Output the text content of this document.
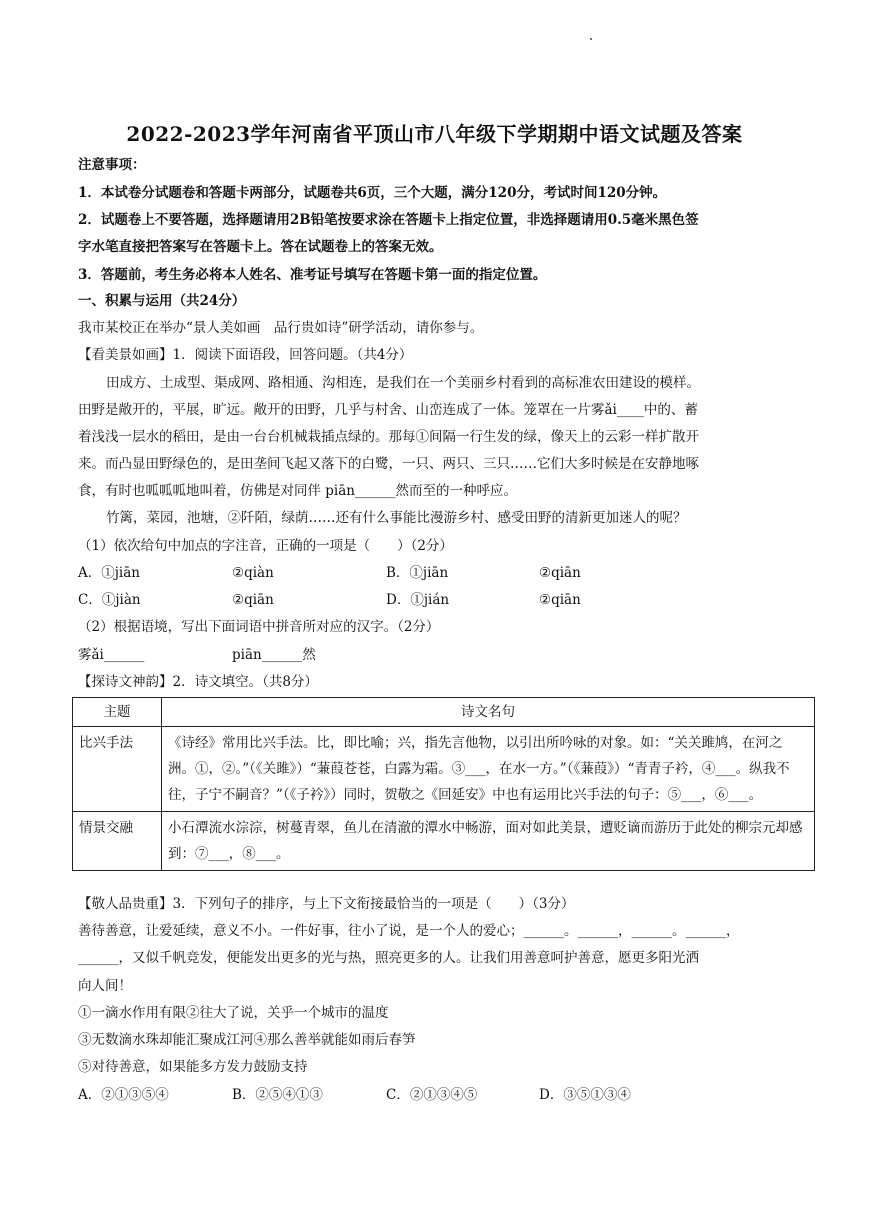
2022-2023学年河南省平顶山市八年级下学期期中语文试题及答案
注意事项：
1．本试卷分试题卷和答题卡两部分，试题卷共6页，三个大题，满分120分，考试时间120分钟。
2．试题卷上不要答题，选择题请用2B铅笔按要求涂在答题卡上指定位置，非选择题请用0.5毫米黑色签
字水笔直接把答案写在答题卡上。答在试题卷上的答案无效。
3．答题前，考生务必将本人姓名、准考证号填写在答题卡第一面的指定位置。
一、积累与运用（共24分）
我市某校正在举办“景人美如画　品行贵如诗”研学活动，请你参与。
【看美景如画】1．阅读下面语段，回答问题。（共4分）
田成方、土成型、渠成网、路相通、沟相连，是我们在一个美丽乡村看到的高标准农田建设的模样。
田野是敞开的，平展，旷远。敞开的田野，几乎与村舍、山峦连成了一体。笼罩在一片雾ǎi____中的、蓄
着浅浅一层水的稻田，是由一台台机械栽插点绿的。那每①间隔一行生发的绿，像天上的云彩一样扩散开
来。而凸显田野绿色的，是田垄间飞起又落下的白鹭，一只、两只、三只……它们大多时候是在安静地啄
食，有时也呱呱呱地叫着，仿佛是对同伴 piān______然而至的一种呼应。
竹篱，菜园，池塘，②阡陌，绿荫……还有什么事能比漫游乡村、感受田野的清新更加迷人的呢？
（1）依次给句中加点的字注音，正确的一项是（　　）（2分）
A．①jiān	②qiàn	B．①jiān	②qiān
C．①jiàn	②qiān	D．①jián	②qiān
（2）根据语境，写出下面词语中拼音所对应的汉字。（2分）
雾ǎi______	piān______然
【探诗文神韵】2．诗文填空。（共8分）
主题	诗文名句
比兴手法	《诗经》常用比兴手法。比，即比喻；兴，指先言他物，以引出所吟咏的对象。如：“关关雎鸠，在河之洲。①，②。”（《关雎》）“蒹葭苍苍，白露为霜。③___，在水一方。”（《蒹葭》）“青青子衿，④___。纵我不往，子宁不嗣音？”（《子衿》）同时，贺敬之《回延安》中也有运用比兴手法的句子：⑤___，⑥___。
情景交融	小石潭流水淙淙，树蔓青翠，鱼儿在清澈的潭水中畅游，面对如此美景，遭贬谪而游历于此处的柳宗元却感到：⑦___，⑧___。
【敬人品贵重】3．下列句子的排序，与上下文衔接最恰当的一项是（　　）（3分）
善待善意，让爱延续，意义不小。一件好事，往小了说，是一个人的爱心；______。______，______。______，
______，又似千帆竞发，便能发出更多的光与热，照亮更多的人。让我们用善意呵护善意，愿更多阳光洒
向人间！
①一滴水作用有限②往大了说，关乎一个城市的温度
③无数滴水珠却能汇聚成江河④那么善举就能如雨后春笋
⑤对待善意，如果能多方发力鼓励支持
A．②①③⑤④	B．②⑤④①③	C．②①③④⑤	D．③⑤①③④
